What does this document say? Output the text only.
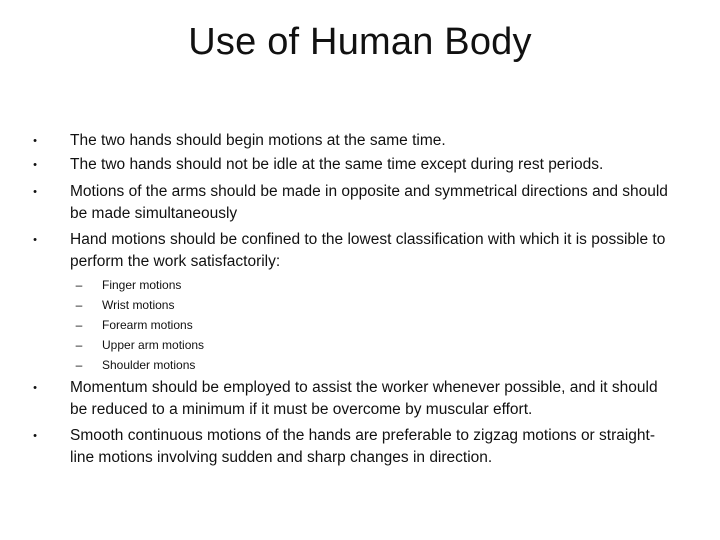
Use of Human Body
• The two hands should begin motions at the same time.
• The two hands should not be idle at the same time except during rest periods.
• Motions of the arms should be made in opposite and symmetrical directions and should be made simultaneously
• Hand motions should be confined to the lowest classification with which it is possible to perform the work satisfactorily:
–	Finger motions
–	Wrist motions
–	Forearm motions
–	Upper arm motions
–	Shoulder motions
• Momentum should be employed to assist the worker whenever possible, and it should be reduced to a minimum if it must be overcome by muscular effort.
• Smooth continuous motions of the hands are preferable to zigzag motions or straight-line motions involving sudden and sharp changes in direction.
